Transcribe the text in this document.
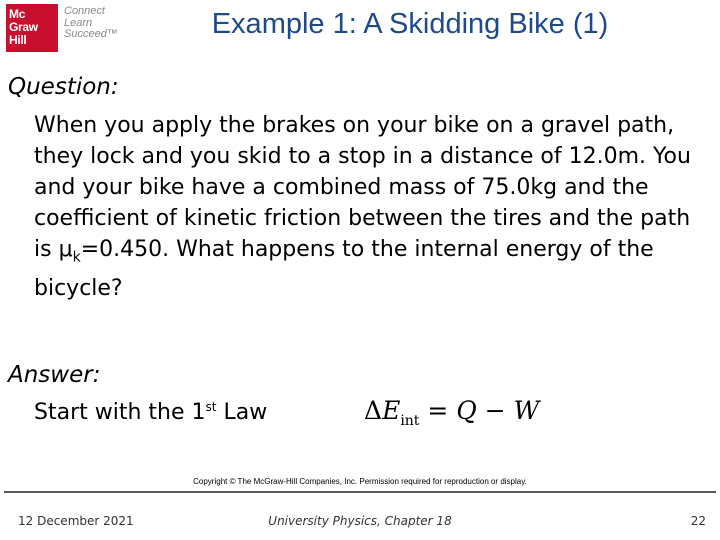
Mc
Graw
Hill
Connect
Learn
Succeed™	Example 1: A Skidding Bike (1)
Question:
When you apply the brakes on your bike on a gravel path, they lock and you skid to a stop in a distance of 12.0m. You and your bike have a combined mass of 75.0kg and the coefficient of kinetic friction between the tires and the path is $\mu_k=0.450$. What happens to the internal energy of the bicycle?
Answer:
Start with the 1st Law	$\Delta E_{int} = Q - W$
Copyright © The McGraw-Hill Companies, Inc. Permission required for reproduction or display.
12 December 2021	University Physics, Chapter 18	22
